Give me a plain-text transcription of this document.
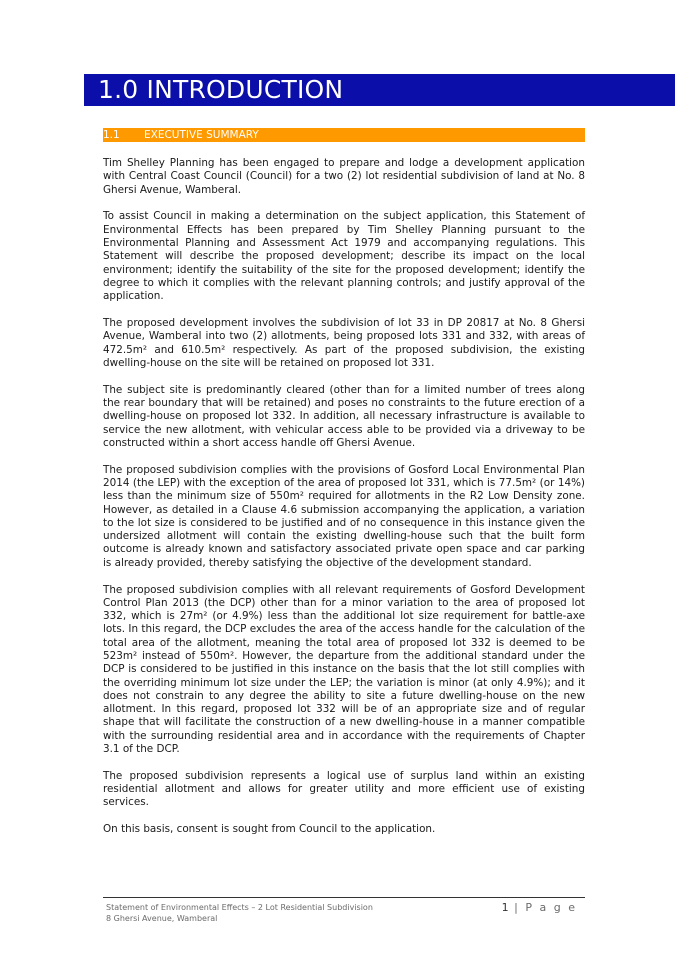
1.0 INTRODUCTION
1.1 EXECUTIVE SUMMARY

Tim Shelley Planning has been engaged to prepare and lodge a development application with Central Coast Council (Council) for a two (2) lot residential subdivision of land at No. 8 Ghersi Avenue, Wamberal.

To assist Council in making a determination on the subject application, this Statement of Environmental Effects has been prepared by Tim Shelley Planning pursuant to the Environmental Planning and Assessment Act 1979 and accompanying regulations. This Statement will describe the proposed development; describe its impact on the local environment; identify the suitability of the site for the proposed development; identify the degree to which it complies with the relevant planning controls; and justify approval of the application.

The proposed development involves the subdivision of lot 33 in DP 20817 at No. 8 Ghersi Avenue, Wamberal into two (2) allotments, being proposed lots 331 and 332, with areas of 472.5m² and 610.5m² respectively. As part of the proposed subdivision, the existing dwelling-house on the site will be retained on proposed lot 331.

The subject site is predominantly cleared (other than for a limited number of trees along the rear boundary that will be retained) and poses no constraints to the future erection of a dwelling-house on proposed lot 332. In addition, all necessary infrastructure is available to service the new allotment, with vehicular access able to be provided via a driveway to be constructed within a short access handle off Ghersi Avenue.

The proposed subdivision complies with the provisions of Gosford Local Environmental Plan 2014 (the LEP) with the exception of the area of proposed lot 331, which is 77.5m² (or 14%) less than the minimum size of 550m² required for allotments in the R2 Low Density zone. However, as detailed in a Clause 4.6 submission accompanying the application, a variation to the lot size is considered to be justified and of no consequence in this instance given the undersized allotment will contain the existing dwelling-house such that the built form outcome is already known and satisfactory associated private open space and car parking is already provided, thereby satisfying the objective of the development standard.

The proposed subdivision complies with all relevant requirements of Gosford Development Control Plan 2013 (the DCP) other than for a minor variation to the area of proposed lot 332, which is 27m² (or 4.9%) less than the additional lot size requirement for battle-axe lots. In this regard, the DCP excludes the area of the access handle for the calculation of the total area of the allotment, meaning the total area of proposed lot 332 is deemed to be 523m² instead of 550m². However, the departure from the additional standard under the DCP is considered to be justified in this instance on the basis that the lot still complies with the overriding minimum lot size under the LEP; the variation is minor (at only 4.9%); and it does not constrain to any degree the ability to site a future dwelling-house on the new allotment. In this regard, proposed lot 332 will be of an appropriate size and of regular shape that will facilitate the construction of a new dwelling-house in a manner compatible with the surrounding residential area and in accordance with the requirements of Chapter 3.1 of the DCP.

The proposed subdivision represents a logical use of surplus land within an existing residential allotment and allows for greater utility and more efficient use of existing services.

On this basis, consent is sought from Council to the application.

Statement of Environmental Effects – 2 Lot Residential Subdivision
8 Ghersi Avenue, Wamberal
1 | P a g e
